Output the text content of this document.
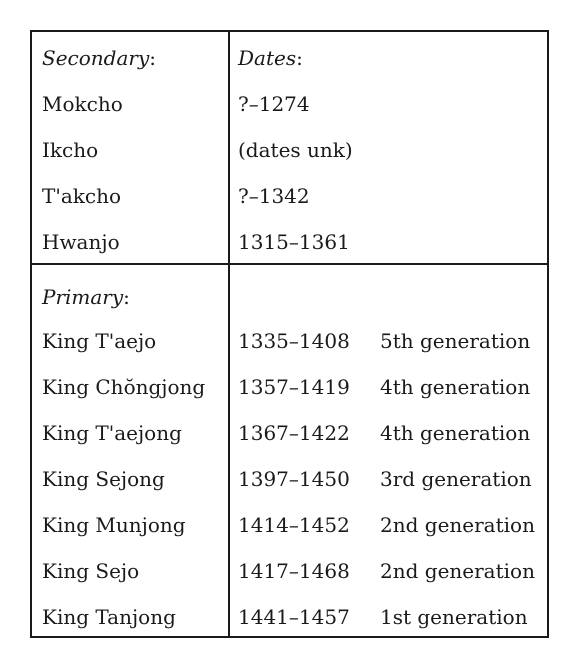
Secondary:	Dates:
Mokcho	?–1274
Ikcho	(dates unk)
T'akcho	?–1342
Hwanjo	1315–1361
Primary:
King T'aejo	1335–1408 5th generation
King Chŏngjong 1357–1419 4th generation
King T'aejong	1367–1422 4th generation
King Sejong	1397–1450 3rd generation
King Munjong	1414–1452 2nd generation
King Sejo	1417–1468 2nd generation
King Tanjong	1441–1457 1st generation
